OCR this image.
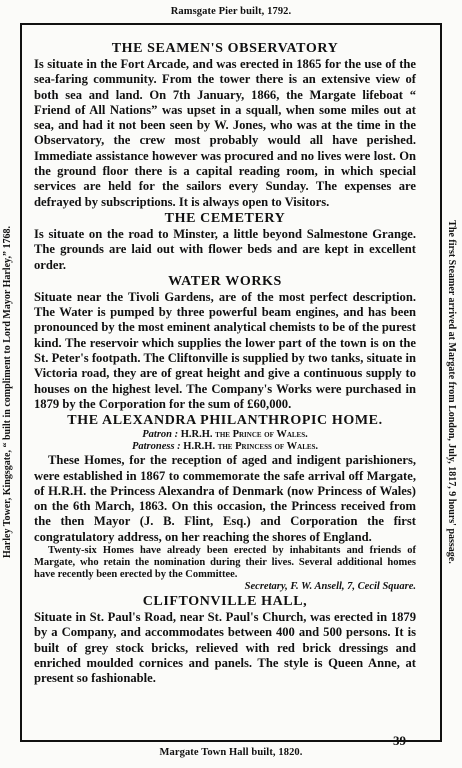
Ramsgate Pier built, 1792.
Harley Tower, Kingsgate, “ built in compliment to Lord Mayor Harley,” 1768.	The first Steamer arrived at Margate from London, July, 1817, 9 hours' passage.
THE SEAMEN'S OBSERVATORY

Is situate in the Fort Arcade, and was erected in 1865 for the use of the sea-faring community. From the tower there is an extensive view of both sea and land. On 7th January, 1866, the Margate lifeboat “ Friend of All Nations” was upset in a squall, when some miles out at sea, and had it not been seen by W. Jones, who was at the time in the Observatory, the crew most probably would all have perished. Immediate assistance however was procured and no lives were lost. On the ground floor there is a capital reading room, in which special services are held for the sailors every Sunday. The expenses are defrayed by subscriptions. It is always open to Visitors.

THE CEMETERY

Is situate on the road to Minster, a little beyond Salmestone Grange. The grounds are laid out with flower beds and are kept in excellent order.

WATER WORKS

Situate near the Tivoli Gardens, are of the most perfect description. The Water is pumped by three powerful beam engines, and has been pronounced by the most eminent analytical chemists to be of the purest kind. The reservoir which supplies the lower part of the town is on the St. Peter's footpath. The Cliftonville is supplied by two tanks, situate in Victoria road, they are of great height and give a continuous supply to houses on the highest level. The Company's Works were purchased in 1879 by the Corporation for the sum of £60,000.

THE ALEXANDRA PHILANTHROPIC HOME.

Patron : H.R.H. the Prince of Wales.

Patroness : H.R.H. the Princess of Wales.

These Homes, for the reception of aged and indigent parishioners, were established in 1867 to commemorate the safe arrival off Margate, of H.R.H. the Princess Alexandra of Denmark (now Princess of Wales) on the 6th March, 1863. On this occasion, the Princess received from the then Mayor (J. B. Flint, Esq.) and Corporation the first congratulatory address, on her reaching the shores of England.

Twenty-six Homes have already been erected by inhabitants and friends of Margate, who retain the nomination during their lives. Several additional homes have recently been erected by the Committee.

Secretary, F. W. Ansell, 7, Cecil Square.

CLIFTONVILLE HALL,

Situate in St. Paul's Road, near St. Paul's Church, was erected in 1879 by a Company, and accommodates between 400 and 500 persons. It is built of grey stock bricks, relieved with red brick dressings and enriched moulded cornices and panels. The style is Queen Anne, at present so fashionable.

39
Margate Town Hall built, 1820.
